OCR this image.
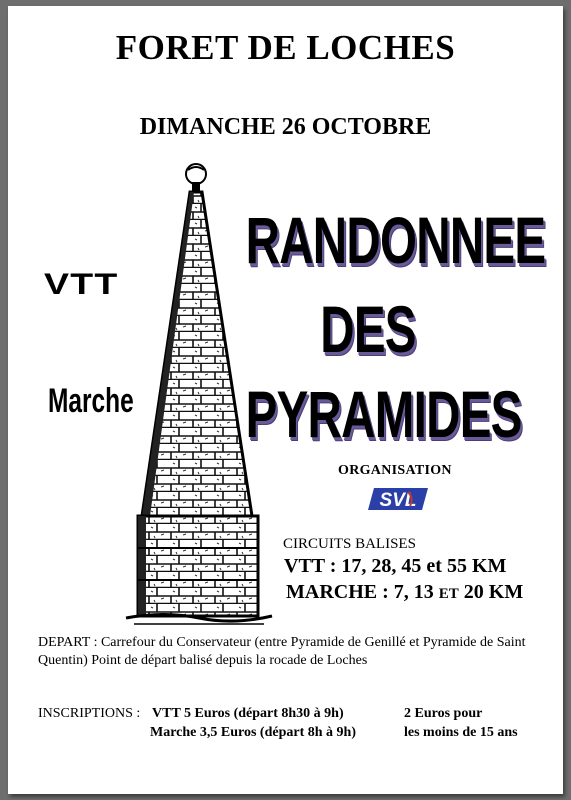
FORET DE LOCHES
DIMANCHE 26 OCTOBRE
VTT
Marche
RANDONNEE
DES
PYRAMIDES
ORGANISATION
SVL
CIRCUITS BALISES
VTT : 17, 28, 45 et 55 KM
MARCHE : 7, 13 ET 20 KM
DEPART : Carrefour du Conservateur (entre Pyramide de Genillé et Pyramide de Saint Quentin) Point de départ balisé depuis la rocade de Loches
INSCRIPTIONS : VTT 5 Euros (départ 8h30 à 9h)
Marche 3,5 Euros (départ 8h à 9h)
2 Euros pour
les moins de 15 ans
